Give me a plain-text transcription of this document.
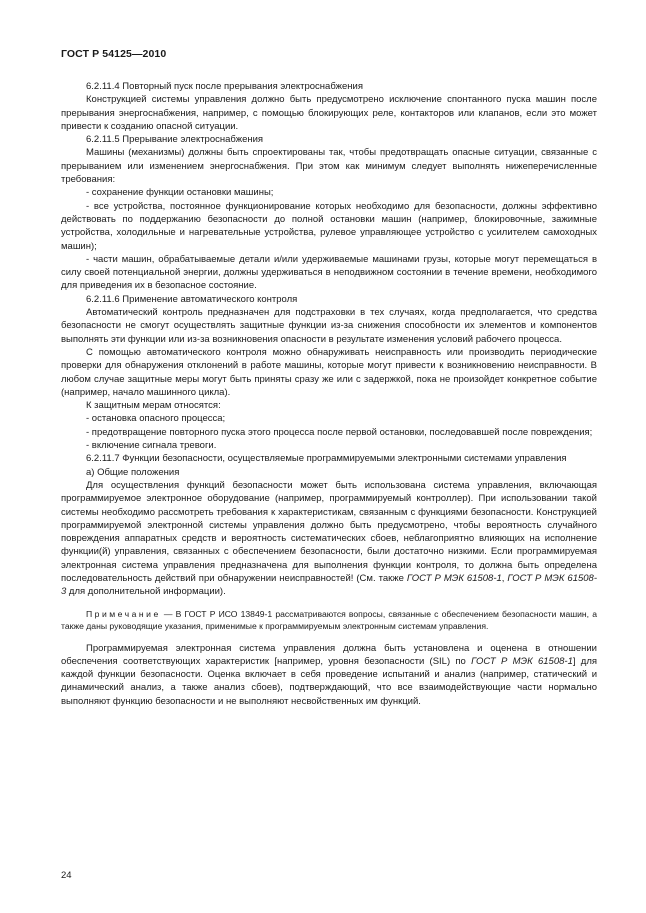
ГОСТ Р 54125—2010

6.2.11.4 Повторный пуск после прерывания электроснабжения

Конструкцией системы управления должно быть предусмотрено исключение спонтанного пуска машин после прерывания энергоснабжения, например, с помощью блокирующих реле, контакторов или клапанов, если это может привести к созданию опасной ситуации.

6.2.11.5 Прерывание электроснабжения

Машины (механизмы) должны быть спроектированы так, чтобы предотвращать опасные ситуации, связанные с прерыванием или изменением энергоснабжения. При этом как минимум следует выполнять нижеперечисленные требования:

- сохранение функции остановки машины;

- все устройства, постоянное функционирование которых необходимо для безопасности, должны эффективно действовать по поддержанию безопасности до полной остановки машин (например, блокировочные, зажимные устройства, холодильные и нагревательные устройства, рулевое управляющее устройство с усилителем самоходных машин);

- части машин, обрабатываемые детали и/или удерживаемые машинами грузы, которые могут перемещаться в силу своей потенциальной энергии, должны удерживаться в неподвижном состоянии в течение времени, необходимого для приведения их в безопасное состояние.

6.2.11.6 Применение автоматического контроля

Автоматический контроль предназначен для подстраховки в тех случаях, когда предполагается, что средства безопасности не смогут осуществлять защитные функции из-за снижения способности их элементов и компонентов выполнять эти функции или из-за возникновения опасности в результате изменения условий рабочего процесса.

С помощью автоматического контроля можно обнаруживать неисправность или производить периодические проверки для обнаружения отклонений в работе машины, которые могут привести к возникновению неисправности. В любом случае защитные меры могут быть приняты сразу же или с задержкой, пока не произойдет конкретное событие (например, начало машинного цикла).

К защитным мерам относятся:

- остановка опасного процесса;

- предотвращение повторного пуска этого процесса после первой остановки, последовавшей после повреждения;

- включение сигнала тревоги.

6.2.11.7 Функции безопасности, осуществляемые программируемыми электронными системами управления

а) Общие положения

Для осуществления функций безопасности может быть использована система управления, включающая программируемое электронное оборудование (например, программируемый контроллер). При использовании такой системы необходимо рассмотреть требования к характеристикам, связанным с функциями безопасности. Конструкцией программируемой электронной системы управления должно быть предусмотрено, чтобы вероятность случайного повреждения аппаратных средств и вероятность систематических сбоев, неблагоприятно влияющих на исполнение функции(й) управления, связанных с обеспечением безопасности, были достаточно низкими. Если программируемая электронная система управления предназначена для выполнения функции контроля, то должна быть определена последовательность действий при обнаружении неисправностей! (См. также ГОСТ Р МЭК 61508-1, ГОСТ Р МЭК 61508-3 для дополнительной информации).

Примечание — В ГОСТ Р ИСО 13849-1 рассматриваются вопросы, связанные с обеспечением безопасности машин, а также даны руководящие указания, применимые к программируемым электронным системам управления.

Программируемая электронная система управления должна быть установлена и оценена в отношении обеспечения соответствующих характеристик [например, уровня безопасности (SIL) по ГОСТ Р МЭК 61508-1] для каждой функции безопасности. Оценка включает в себя проведение испытаний и анализ (например, статический и динамический анализ, а также анализ сбоев), подтверждающий, что все взаимодействующие части нормально выполняют функцию безопасности и не выполняют несвойственных им функций.

24
